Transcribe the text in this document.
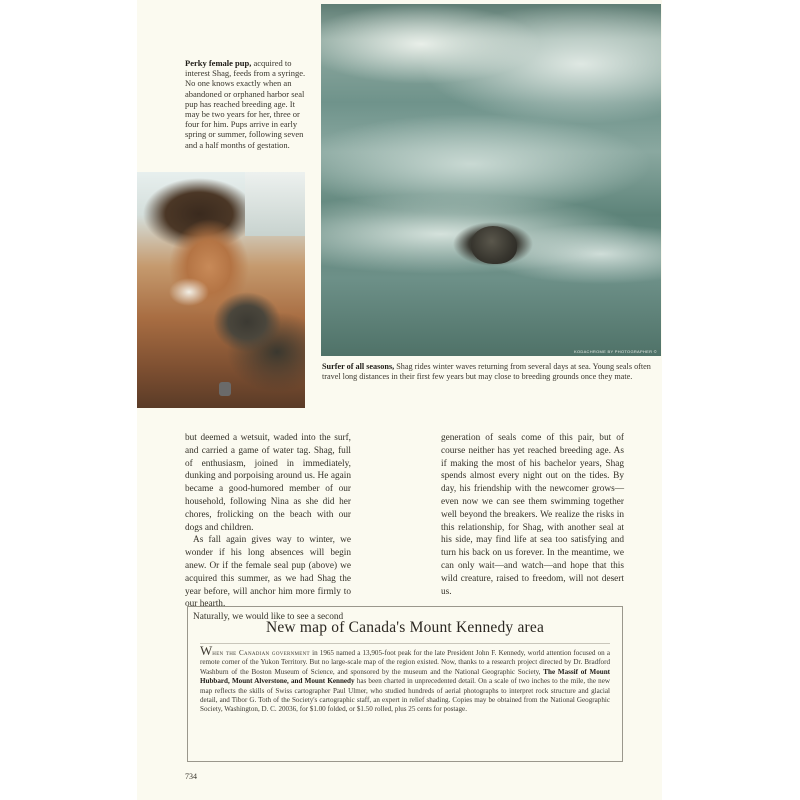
Perky female pup, acquired to interest Shag, feeds from a syringe. No one knows exactly when an abandoned or orphaned harbor seal pup has reached breeding age. It may be two years for her, three or four for him. Pups arrive in early spring or summer, following seven and a half months of gestation.
KODACHROME BY PHOTOGRAPHER ©
Surfer of all seasons, Shag rides winter waves returning from several days at sea. Young seals often travel long distances in their first few years but may close to breeding grounds once they mate.

but deemed a wetsuit, waded into the surf, and carried a game of water tag. Shag, full of enthusiasm, joined in immediately, dunking and porpoising around us. He again became a good-humored member of our household, following Nina as she did her chores, frolicking on the beach with our dogs and children.

As fall again gives way to winter, we wonder if his long absences will begin anew. Or if the female seal pup (above) we acquired this summer, as we had Shag the year before, will anchor him more firmly to our hearth.

Naturally, we would like to see a second

generation of seals come of this pair, but of course neither has yet reached breeding age. As if making the most of his bachelor years, Shag spends almost every night out on the tides. By day, his friendship with the newcomer grows—even now we can see them swimming together well beyond the breakers. We realize the risks in this relationship, for Shag, with another seal at his side, may find life at sea too satisfying and turn his back on us forever. In the meantime, we can only wait—and watch—and hope that this wild creature, raised to freedom, will not desert us.

New map of Canada's Mount Kennedy area
When the Canadian government in 1965 named a 13,905-foot peak for the late President John F. Kennedy, world attention focused on a remote corner of the Yukon Territory. But no large-scale map of the region existed. Now, thanks to a research project directed by Dr. Bradford Washburn of the Boston Museum of Science, and sponsored by the museum and the National Geographic Society, The Massif of Mount Hubbard, Mount Alverstone, and Mount Kennedy has been charted in unprecedented detail. On a scale of two inches to the mile, the new map reflects the skills of Swiss cartographer Paul Ulmer, who studied hundreds of aerial photographs to interpret rock structure and glacial detail, and Tibor G. Toth of the Society's cartographic staff, an expert in relief shading. Copies may be obtained from the National Geographic Society, Washington, D. C. 20036, for $1.00 folded, or $1.50 rolled, plus 25 cents for postage.
734
